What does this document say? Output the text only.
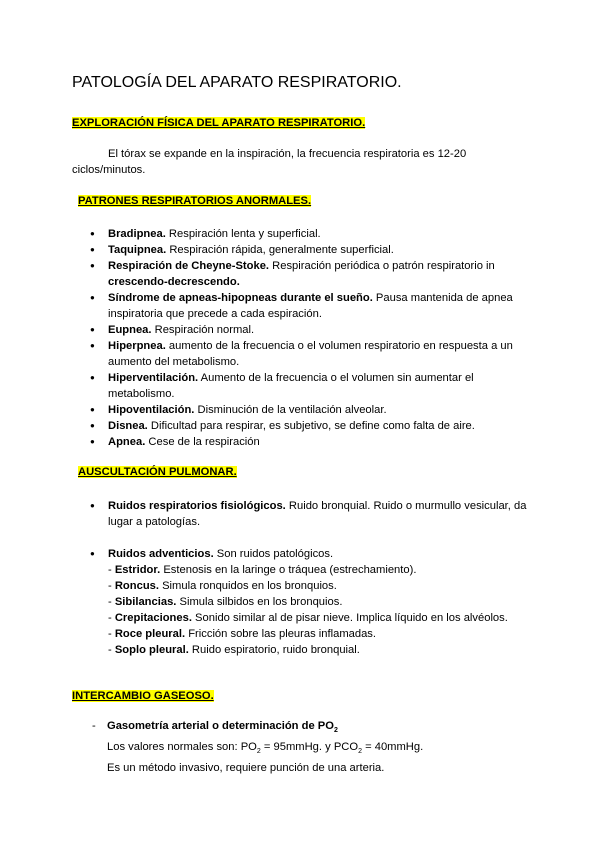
PATOLOGÍA DEL APARATO RESPIRATORIO.
EXPLORACIÓN FÍSICA DEL APARATO RESPIRATORIO.
El tórax se expande en la inspiración, la frecuencia respiratoria es 12-20 ciclos/minutos.
PATRONES RESPIRATORIOS ANORMALES.
● Bradipnea. Respiración lenta y superficial.
● Taquipnea. Respiración rápida, generalmente superficial.
● Respiración de Cheyne-Stoke. Respiración periódica o patrón respiratorio in crescendo-decrescendo.
● Síndrome de apneas-hipopneas durante el sueño. Pausa mantenida de apnea inspiratoria que precede a cada espiración.
● Eupnea. Respiración normal.
● Hiperpnea. aumento de la frecuencia o el volumen respiratorio en respuesta a un aumento del metabolismo.
● Hiperventilación. Aumento de la frecuencia o el volumen sin aumentar el metabolismo.
● Hipoventilación. Disminución de la ventilación alveolar.
● Disnea. Dificultad para respirar, es subjetivo, se define como falta de aire.
● Apnea. Cese de la respiración
AUSCULTACIÓN PULMONAR.
● Ruidos respiratorios fisiológicos. Ruido bronquial. Ruido o murmullo vesicular, da lugar a patologías.
● Ruidos adventicios. Son ruidos patológicos.
- Estridor. Estenosis en la laringe o tráquea (estrechamiento).
- Roncus. Simula ronquidos en los bronquios.
- Sibilancias. Simula silbidos en los bronquios.
- Crepitaciones. Sonido similar al de pisar nieve. Implica líquido en los alvéolos.
- Roce pleural. Fricción sobre las pleuras inflamadas.
- Soplo pleural. Ruido espiratorio, ruido bronquial.
INTERCAMBIO GASEOSO.
- Gasometría arterial o determinación de $PO_2$
Los valores normales son: $PO_2$ = 95mmHg. y $PCO_2$ = 40mmHg.
Es un método invasivo, requiere punción de una arteria.
